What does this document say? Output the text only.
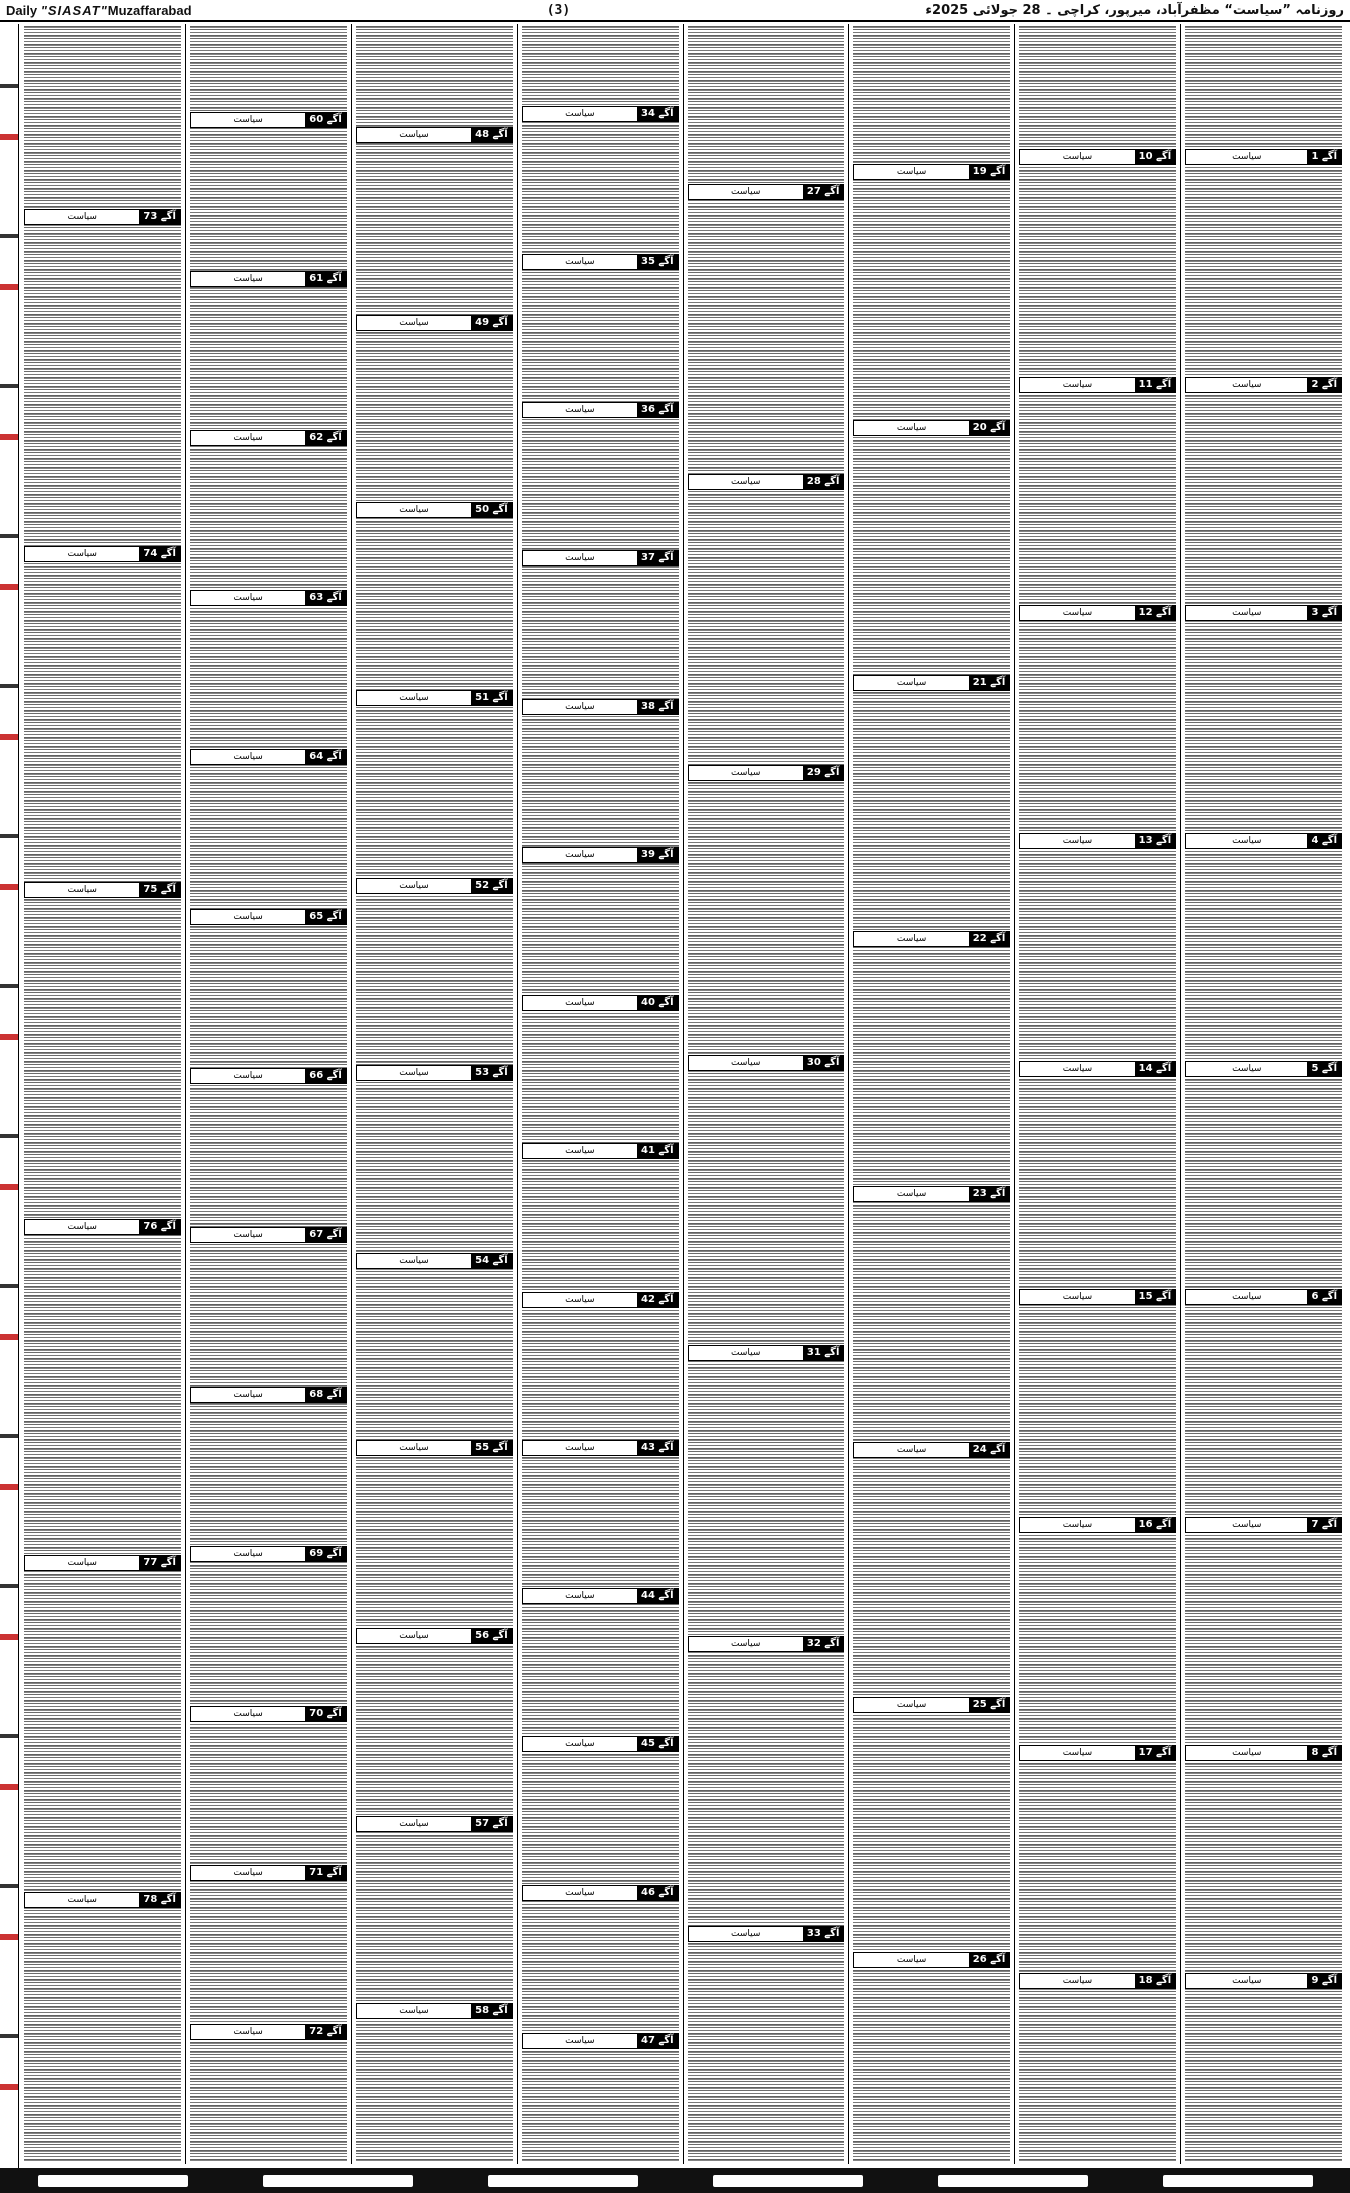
Daily "SIASAT"Muzaffarabad	(3)	روزنامہ ”سیاست“ مظفرآباد، میرپور، کراچی ۔ 28 جولائی 2025ء
آگے 1
سیاست
آگے 2
سیاست
آگے 3
سیاست
آگے 4
سیاست
آگے 5
سیاست
آگے 6
سیاست
آگے 7
سیاست
آگے 8
سیاست
آگے 9
سیاست
آگے 10
سیاست
آگے 11
سیاست
آگے 12
سیاست
آگے 13
سیاست
آگے 14
سیاست
آگے 15
سیاست
آگے 16
سیاست
آگے 17
سیاست
آگے 18
سیاست
آگے 19
سیاست
آگے 20
سیاست
آگے 21
سیاست
آگے 22
سیاست
آگے 23
سیاست
آگے 24
سیاست
آگے 25
سیاست
آگے 26
سیاست
آگے 27
سیاست
آگے 28
سیاست
آگے 29
سیاست
آگے 30
سیاست
آگے 31
سیاست
آگے 32
سیاست
آگے 33
سیاست
آگے 34
سیاست
آگے 35
سیاست
آگے 36
سیاست
آگے 37
سیاست
آگے 38
سیاست
آگے 39
سیاست
آگے 40
سیاست
آگے 41
سیاست
آگے 42
سیاست
آگے 43
سیاست
آگے 44
سیاست
آگے 45
سیاست
آگے 46
سیاست
آگے 47
سیاست
آگے 48
سیاست
آگے 49
سیاست
آگے 50
سیاست
آگے 51
سیاست
آگے 52
سیاست
آگے 53
سیاست
آگے 54
سیاست
آگے 55
سیاست
آگے 56
سیاست
آگے 57
سیاست
آگے 58
سیاست
آگے 60
سیاست
آگے 61
سیاست
آگے 62
سیاست
آگے 63
سیاست
آگے 64
سیاست
آگے 65
سیاست
آگے 66
سیاست
آگے 67
سیاست
آگے 68
سیاست
آگے 69
سیاست
آگے 70
سیاست
آگے 71
سیاست
آگے 72
سیاست
آگے 73
سیاست
آگے 74
سیاست
آگے 75
سیاست
آگے 76
سیاست
آگے 77
سیاست
آگے 78
سیاست
